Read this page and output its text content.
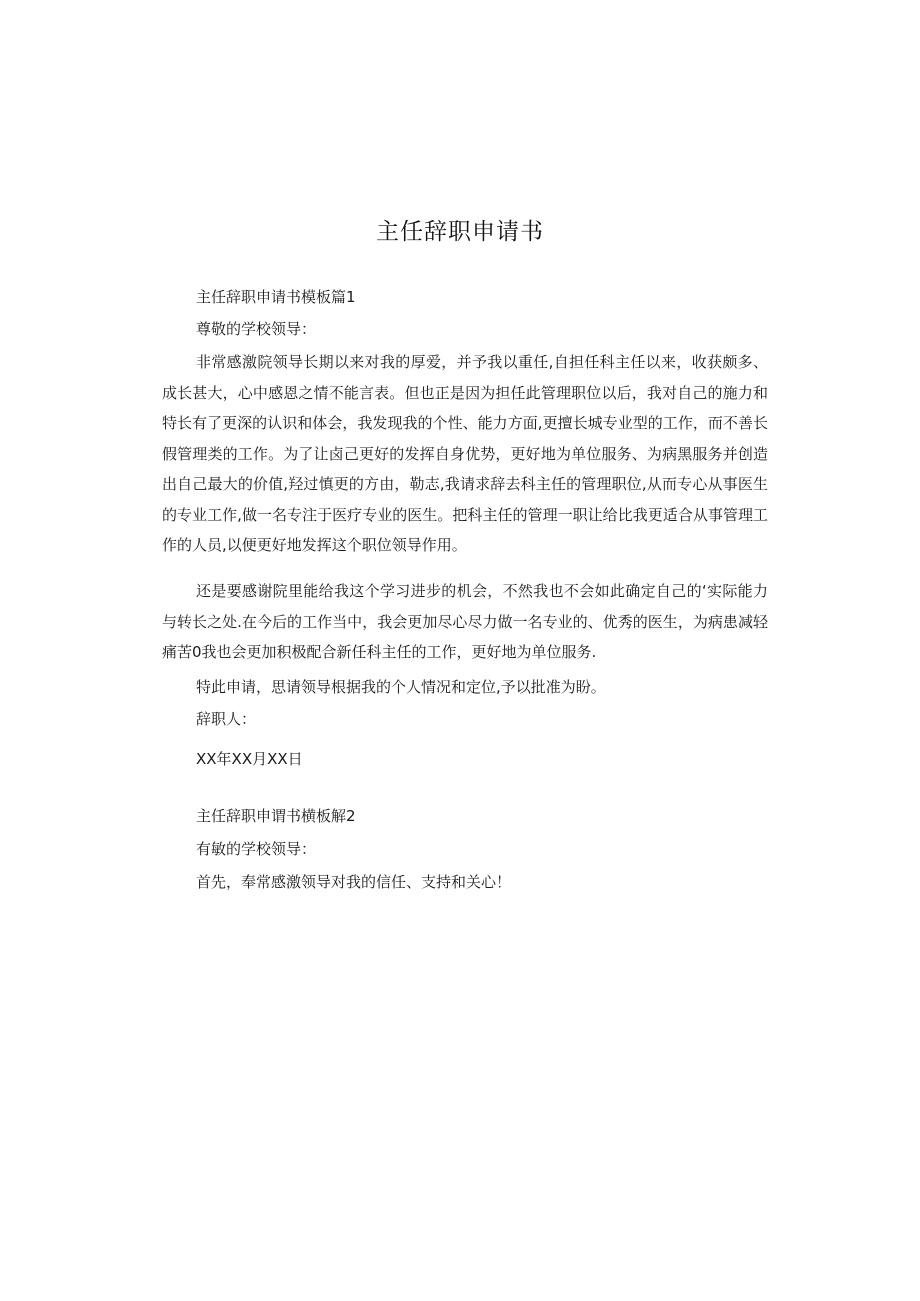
主任辞职申请书
主任辞职申请书模板篇1
尊敬的学校领导：

非常感激院领导长期以来对我的厚爱，并予我以重任,自担任科主任以来，收获颇多、成长甚大，心中感恩之情不能言表。但也正是因为担任此管理职位以后，我对自己的施力和特长有了更深的认识和体会，我发现我的个性、能力方面,更擅长城专业型的工作，而不善长假管理类的工作。为了让卤己更好的发挥自身优势，更好地为单位服务、为病黑服务并创造出自己最大的价值,羟过慎更的方由，勒志,我请求辞去科主任的管理职位,从而专心从事医生的专业工作,做一名专注于医疗专业的医生。把科主任的管理一职让给比我更适合从事管理工作的人员,以便更好地发挥这个职位领导作用。

还是要感谢院里能给我这个学习进步的机会，不然我也不会如此确定自己的‘实际能力与转长之处.在今后的工作当中，我会更加尽心尽力做一名专业的、优秀的医生，为病患减轻痛苦0我也会更加积极配合新任科主任的工作，更好地为单位服务.

特此申请，思请领导根据我的个人情况和定位,予以批准为盼。
辞职人：
XX年XX月XX日
主任辞职申谓书横板解2
有敏的学校领导：
首先，奉常感激领导对我的信任、支持和关心！
